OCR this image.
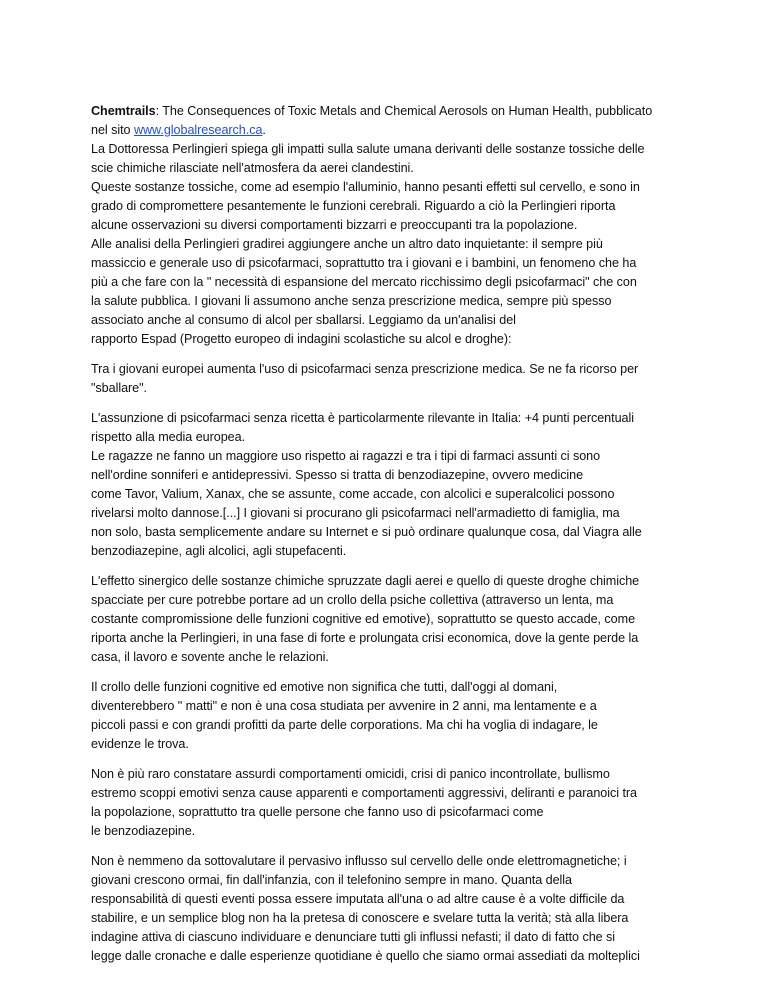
Chemtrails: The Consequences of Toxic Metals and Chemical Aerosols on Human Health, pubblicato
nel sito www.globalresearch.ca.
La Dottoressa Perlingieri spiega gli impatti sulla salute umana derivanti delle sostanze tossiche delle
scie chimiche rilasciate nell'atmosfera da aerei clandestini.
Queste sostanze tossiche, come ad esempio l'alluminio, hanno pesanti effetti sul cervello, e sono in
grado di compromettere pesantemente le funzioni cerebrali. Riguardo a ciò la Perlingieri riporta
alcune osservazioni su diversi comportamenti bizzarri e preoccupanti tra la popolazione.
Alle analisi della Perlingieri gradirei aggiungere anche un altro dato inquietante: il sempre più
massiccio e generale uso di psicofarmaci, soprattutto tra i giovani e i bambini, un fenomeno che ha
più a che fare con la " necessità di espansione del mercato ricchissimo degli psicofarmaci" che con
la salute pubblica. I giovani li assumono anche senza prescrizione medica, sempre più spesso
associato anche al consumo di alcol per sballarsi. Leggiamo da un'analisi del
rapporto Espad (Progetto europeo di indagini scolastiche su alcol e droghe):
Tra i giovani europei aumenta l'uso di psicofarmaci senza prescrizione medica. Se ne fa ricorso per
"sballare".
L'assunzione di psicofarmaci senza ricetta è particolarmente rilevante in Italia: +4 punti percentuali
rispetto alla media europea.
Le ragazze ne fanno un maggiore uso rispetto ai ragazzi e tra i tipi di farmaci assunti ci sono
nell'ordine sonniferi e antidepressivi. Spesso si tratta di benzodiazepine, ovvero medicine
come Tavor, Valium, Xanax, che se assunte, come accade, con alcolici e superalcolici possono
rivelarsi molto dannose.[...] I giovani si procurano gli psicofarmaci nell'armadietto di famiglia, ma
non solo, basta semplicemente andare su Internet e si può ordinare qualunque cosa, dal Viagra alle
benzodiazepine, agli alcolici, agli stupefacenti.
L'effetto sinergico delle sostanze chimiche spruzzate dagli aerei e quello di queste droghe chimiche
spacciate per cure potrebbe portare ad un crollo della psiche collettiva (attraverso un lenta, ma
costante compromissione delle funzioni cognitive ed emotive), soprattutto se questo accade, come
riporta anche la Perlingieri, in una fase di forte e prolungata crisi economica, dove la gente perde la
casa, il lavoro e sovente anche le relazioni.
Il crollo delle funzioni cognitive ed emotive non significa che tutti, dall'oggi al domani,
diventerebbero " matti" e non è una cosa studiata per avvenire in 2 anni, ma lentamente e a
piccoli passi e con grandi profitti da parte delle corporations. Ma chi ha voglia di indagare, le
evidenze le trova.
Non è più raro constatare assurdi comportamenti omicidi, crisi di panico incontrollate, bullismo
estremo scoppi emotivi senza cause apparenti e comportamenti aggressivi, deliranti e paranoici tra
la popolazione, soprattutto tra quelle persone che fanno uso di psicofarmaci come
le benzodiazepine.
Non è nemmeno da sottovalutare il pervasivo influsso sul cervello delle onde elettromagnetiche; i
giovani crescono ormai, fin dall'infanzia, con il telefonino sempre in mano. Quanta della
responsabilità di questi eventi possa essere imputata all'una o ad altre cause è a volte difficile da
stabilire, e un semplice blog non ha la pretesa di conoscere e svelare tutta la verità; stà alla libera
indagine attiva di ciascuno individuare e denunciare tutti gli influssi nefasti; il dato di fatto che si
legge dalle cronache e dalle esperienze quotidiane è quello che siamo ormai assediati da molteplici
